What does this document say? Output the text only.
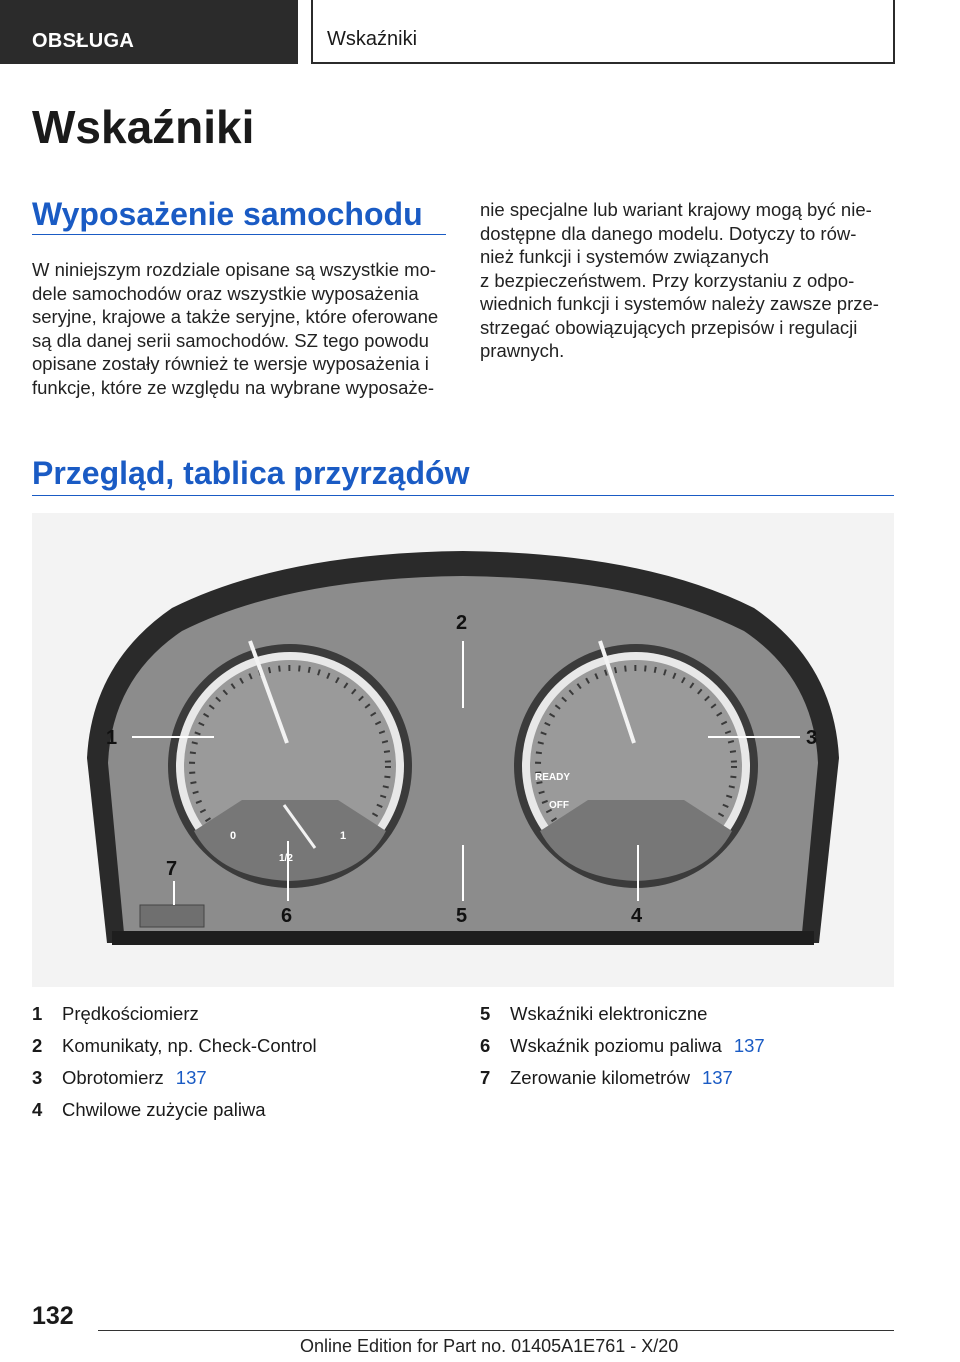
OBSŁUGA	Wskaźniki
Wskaźniki
Wyposażenie samochodu

W niniejszym rozdziale opisane są wszystkie mo‐
dele samochodów oraz wszystkie wyposażenia
seryjne, krajowe a także seryjne, które oferowane
są dla danej serii samochodów. SZ tego powodu
opisane zostały również te wersje wyposażenia i
funkcje, które ze względu na wybrane wyposaże‐

nie specjalne lub wariant krajowy mogą być nie‐
dostępne dla danego modelu. Dotyczy to rów‐
nież funkcji i systemów związanych
z bezpieczeństwem. Przy korzystaniu z odpo‐
wiednich funkcji i systemów należy zawsze prze‐
strzegać obowiązujących przepisów i regulacji
prawnych.

Przegląd, tablica przyrządów
0	1
1/2
READY
OFF
1
2
3
4
5
6
7
1 Prędkościomierz
2 Komunikaty, np. Check-Control
3 Obrotomierz 137
4 Chwilowe zużycie paliwa
5 Wskaźniki elektroniczne
6 Wskaźnik poziomu paliwa 137
7 Zerowanie kilometrów 137
132
Online Edition for Part no. 01405A1E761 - X/20
